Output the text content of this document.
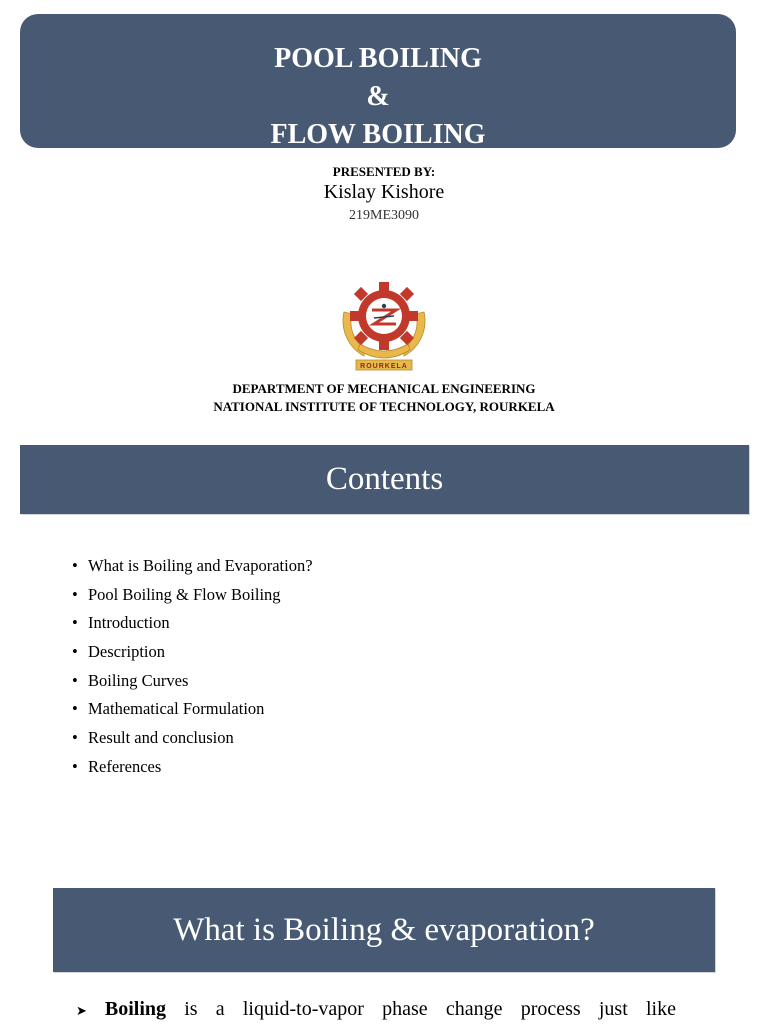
POOL BOILING
&
FLOW BOILING
PRESENTED BY:
Kislay Kishore
219ME3090
ROURKELA
DEPARTMENT OF MECHANICAL ENGINEERING
NATIONAL INSTITUTE OF TECHNOLOGY, ROURKELA
Contents
• What is Boiling and Evaporation?
• Pool Boiling & Flow Boiling
• Introduction
• Description
• Boiling Curves
• Mathematical Formulation
• Result and conclusion
• References
What is Boiling & evaporation?
➤ Boiling is a liquid-to-vapor phase change process just like
